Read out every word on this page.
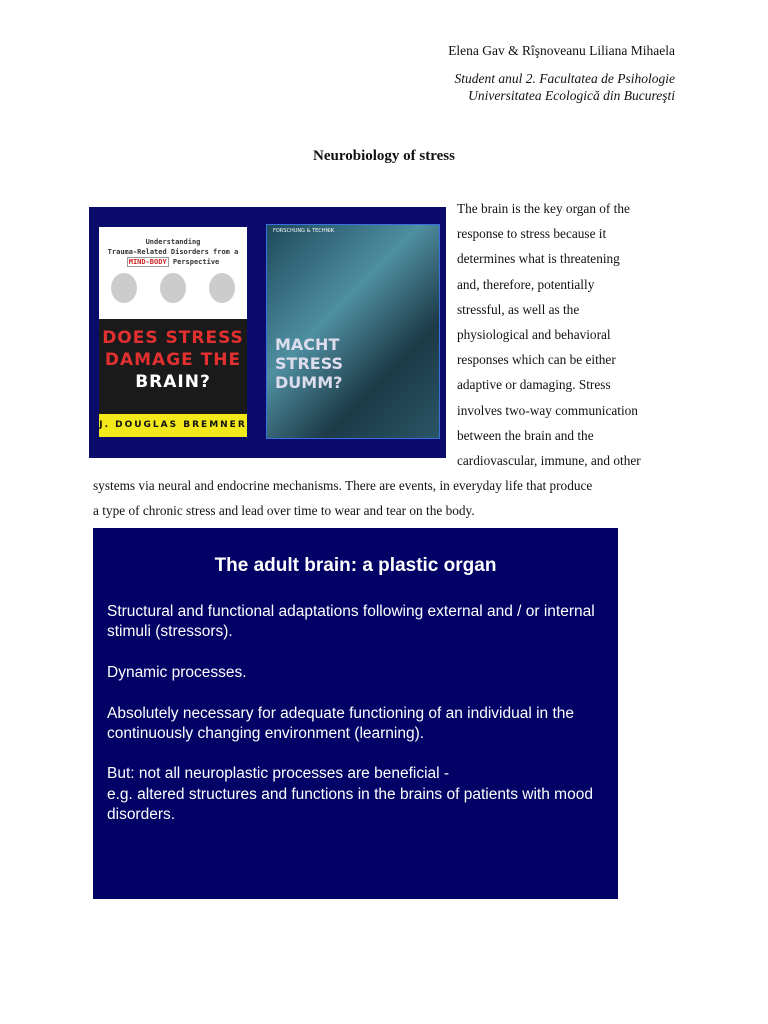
Elena Gav & Rîşnoveanu Liliana Mihaela
Student anul 2. Facultatea de Psihologie
Universitatea Ecologică din Bucureşti
Neurobiology of stress
Understanding
Trauma-Related Disorders from a
MIND-BODY Perspective
DOES STRESS DAMAGE THE
BRAIN?
J. DOUGLAS BREMNER
FORSCHUNG & TECHNIK
MACHT STRESS DUMM?
The brain is the key organ of the
response to stress because it
determines what is threatening
and, therefore, potentially
stressful, as well as the
physiological and behavioral
responses which can be either
adaptive or damaging. Stress
involves two-way communication
between the brain and the
cardiovascular, immune, and other
systems via neural and endocrine mechanisms. There are events, in everyday life that produce
a type of chronic stress and lead over time to wear and tear on the body.
The adult brain: a plastic organ
Structural and functional adaptations following external and / or internal stimuli (stressors).
Dynamic processes.
Absolutely necessary for adequate functioning of an individual in the continuously changing environment (learning).
But: not all neuroplastic processes are beneficial -
e.g. altered structures and functions in the brains of patients with mood disorders.
